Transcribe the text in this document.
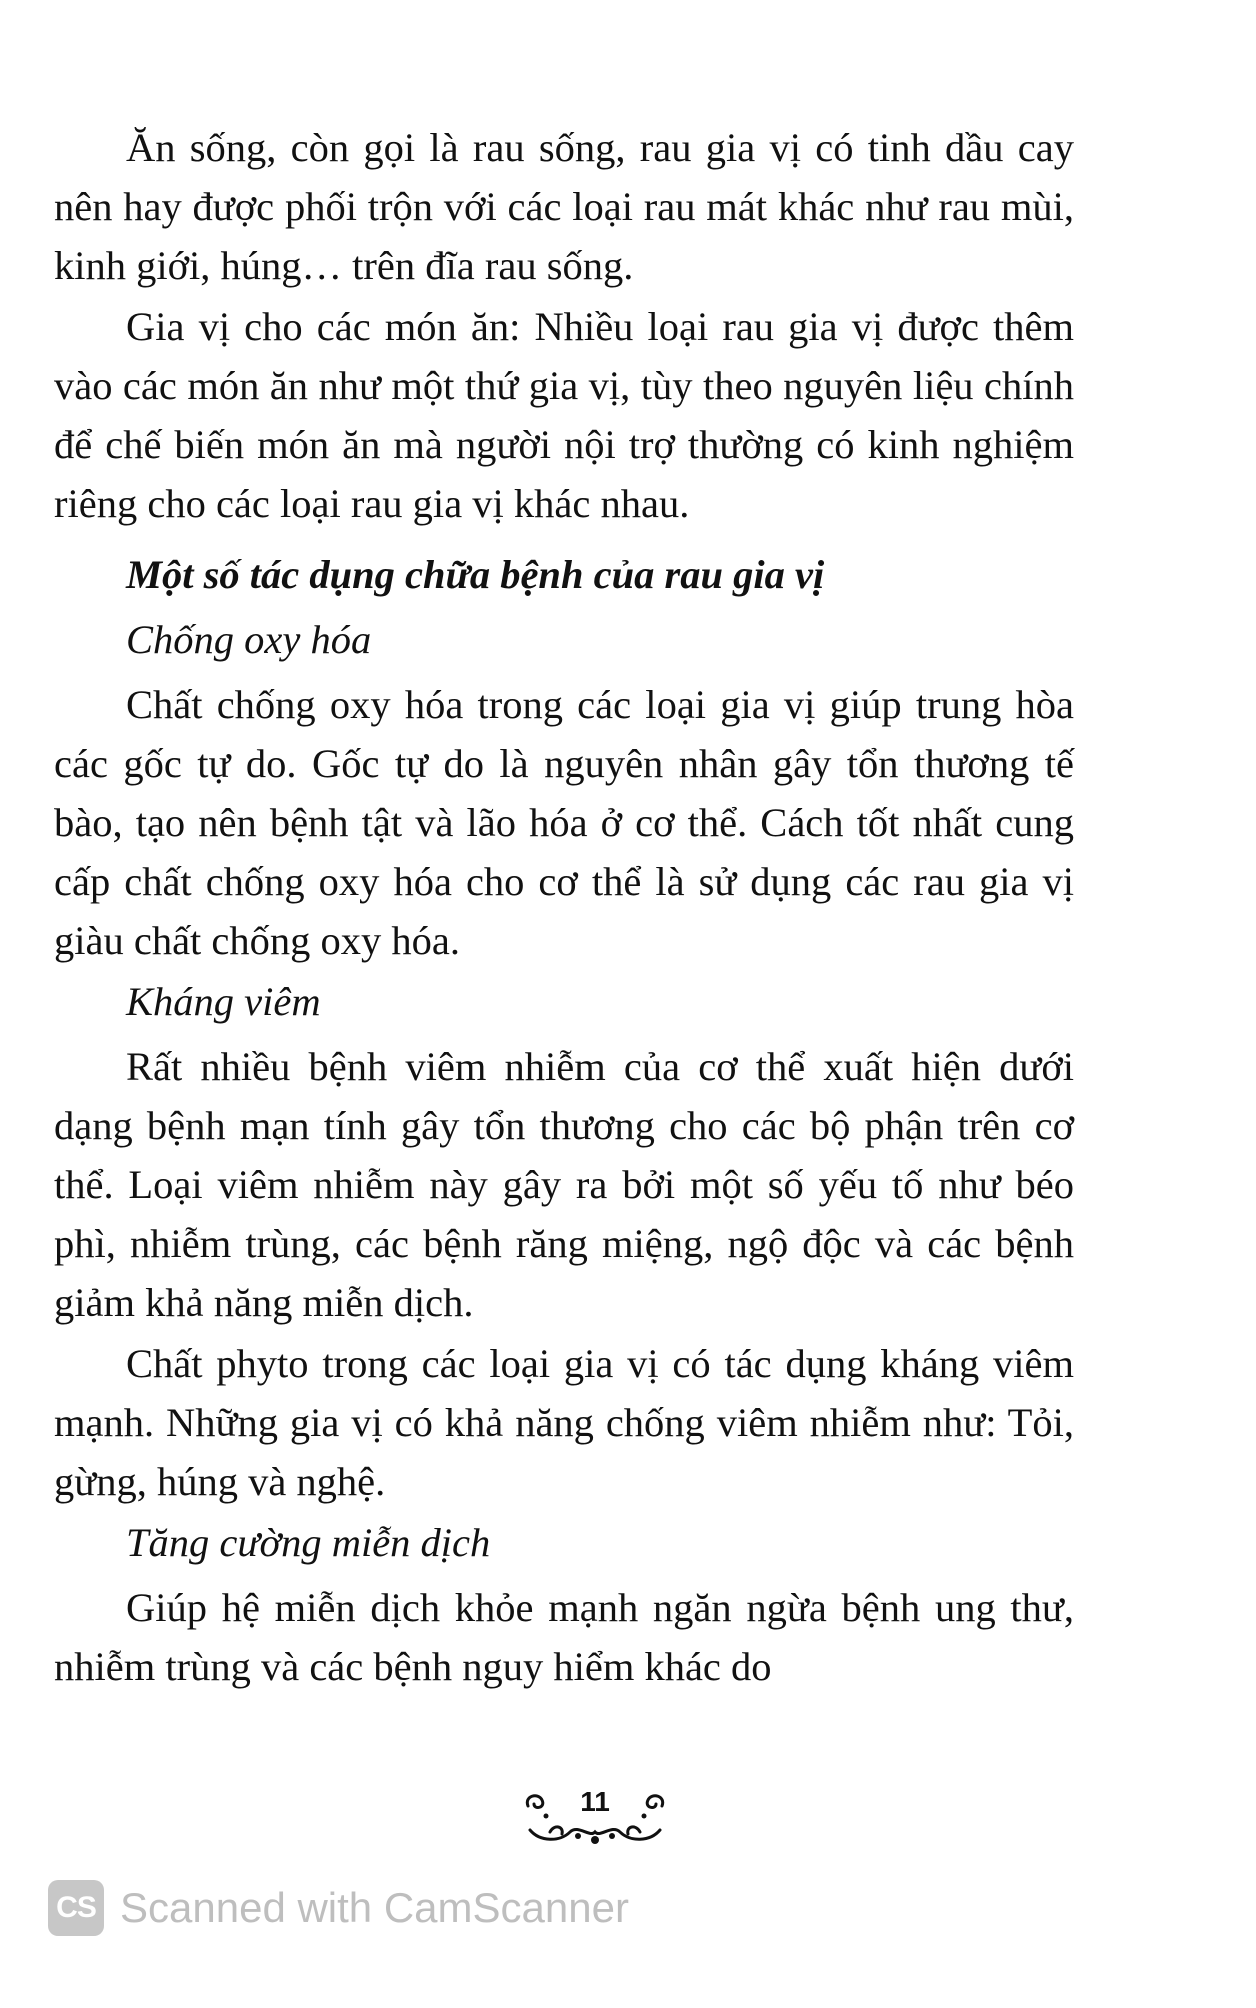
Ăn sống, còn gọi là rau sống, rau gia vị có tinh dầu cay nên hay được phối trộn với các loại rau mát khác như rau mùi, kinh giới, húng… trên đĩa rau sống.

Gia vị cho các món ăn: Nhiều loại rau gia vị được thêm vào các món ăn như một thứ gia vị, tùy theo nguyên liệu chính để chế biến món ăn mà người nội trợ thường có kinh nghiệm riêng cho các loại rau gia vị khác nhau.

Một số tác dụng chữa bệnh của rau gia vị
Chống oxy hóa

Chất chống oxy hóa trong các loại gia vị giúp trung hòa các gốc tự do. Gốc tự do là nguyên nhân gây tổn thương tế bào, tạo nên bệnh tật và lão hóa ở cơ thể. Cách tốt nhất cung cấp chất chống oxy hóa cho cơ thể là sử dụng các rau gia vị giàu chất chống oxy hóa.

Kháng viêm

Rất nhiều bệnh viêm nhiễm của cơ thể xuất hiện dưới dạng bệnh mạn tính gây tổn thương cho các bộ phận trên cơ thể. Loại viêm nhiễm này gây ra bởi một số yếu tố như béo phì, nhiễm trùng, các bệnh răng miệng, ngộ độc và các bệnh giảm khả năng miễn dịch.

Chất phyto trong các loại gia vị có tác dụng kháng viêm mạnh. Những gia vị có khả năng chống viêm nhiễm như: Tỏi, gừng, húng và nghệ.

Tăng cường miễn dịch

Giúp hệ miễn dịch khỏe mạnh ngăn ngừa bệnh ung thư, nhiễm trùng và các bệnh nguy hiểm khác do

11
CS Scanned with CamScanner
